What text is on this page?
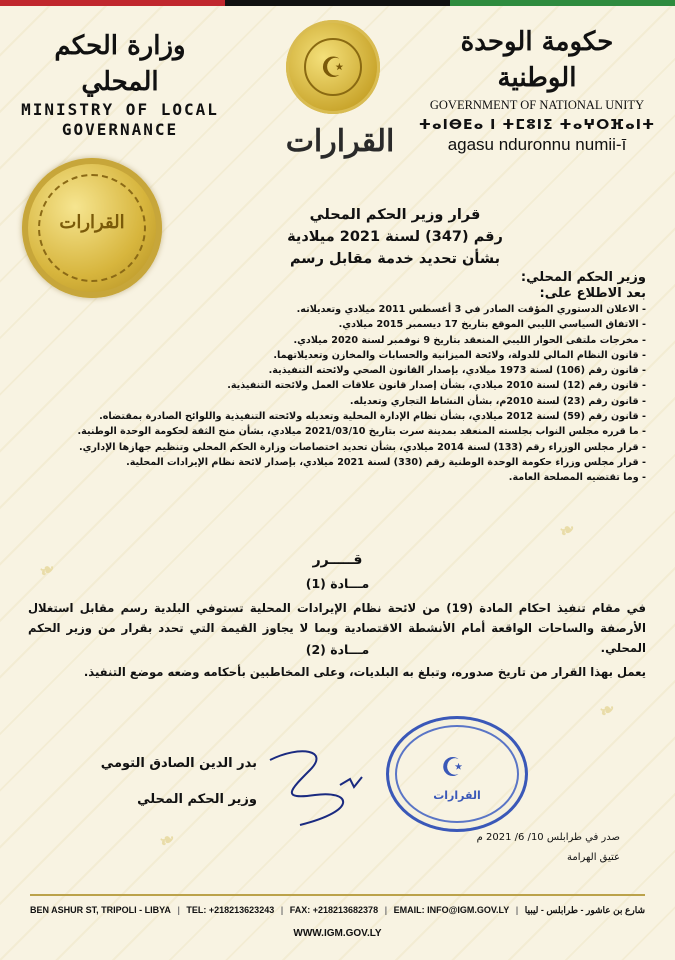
❧
❧
❧
❧
وزارة الحكم المحلي
MINISTRY OF LOCAL
GOVERNANCE
☪
حكومة الوحدة الوطنية
GOVERNMENT OF NATIONAL UNITY
ⵜⴰⵏⴱⴹⴰ ⵏ ⵜⵎⵓⵏⵉ ⵜⴰⵖⵔⴼⴰⵏⵜ
agasu nduronnu numii-ī
القرارات
القرارات	قرار وزير الحكم المحلي
رقم (347) لسنة 2021 ميلادية
بشأن تحديد خدمة مقابل رسم
وزير الحكم المحلي:
بعد الاطلاع على:
- الاعلان الدستوري المؤقت الصادر في 3 أغسطس 2011 ميلادي وتعديلاته.
- الاتفاق السياسي الليبي الموقع بتاريخ 17 ديسمبر 2015 ميلادي.
- مخرجات ملتقى الحوار الليبي المنعقد بتاريخ 9 نوفمبر لسنة 2020 ميلادي.
- قانون النظام المالي للدولة، ولائحة الميزانية والحسابات والمخازن وتعديلاتهما.
- قانون رقم (106) لسنة 1973 ميلادي، بإصدار القانون الصحي ولائحته التنفيذية.
- قانون رقم (12) لسنة 2010 ميلادي، بشأن إصدار قانون علاقات العمل ولائحته التنفيذية.
- قانون رقم (23) لسنة 2010م، بشأن النشاط التجاري وتعديله.
- قانون رقم (59) لسنة 2012 ميلادي، بشأن نظام الإدارة المحلية وتعديله ولائحته التنفيذية واللوائح الصادرة بمقتضاه.
- ما قرره مجلس النواب بجلسته المنعقد بمدينة سرت بتاريخ 2021/03/10 ميلادي، بشأن منح الثقة لحكومة الوحدة الوطنية.
- قرار مجلس الوزراء رقم (133) لسنة 2014 ميلادي، بشأن تحديد اختصاصات وزارة الحكم المحلي وتنظيم جهازها الإداري.
- قرار مجلس وزراء حكومة الوحدة الوطنية رقم (330) لسنة 2021 ميلادي، بإصدار لائحة نظام الإيرادات المحلية.
- وما تقتضيه المصلحة العامة.
قـــــرر
مـــادة (1)
في مقام تنفيذ احكام المادة (19) من لائحة نظام الإيرادات المحلية تستوفي البلدية رسم مقابل استغلال الأرصفة والساحات الواقعة أمام الأنشطة الاقتصادية وبما لا يجاوز القيمة التي تحدد بقرار من وزير الحكم المحلي.
مـــادة (2)
يعمل بهذا القرار من تاريخ صدوره، وتبلغ به البلديات، وعلى المخاطبين بأحكامه وضعه موضع التنفيذ.
بدر الدين الصادق التومي
وزير الحكم المحلي
☪
القرارات
صدر في طرابلس 10/ 6/ 2021 م
عتيق الهرامة
BEN ASHUR ST, TRIPOLI - LIBYA | TEL: +218213623243 | FAX: +218213682378 | EMAIL: INFO@IGM.GOV.LY | شارع بن عاشور - طرابلس - ليبيا
WWW.IGM.GOV.LY
